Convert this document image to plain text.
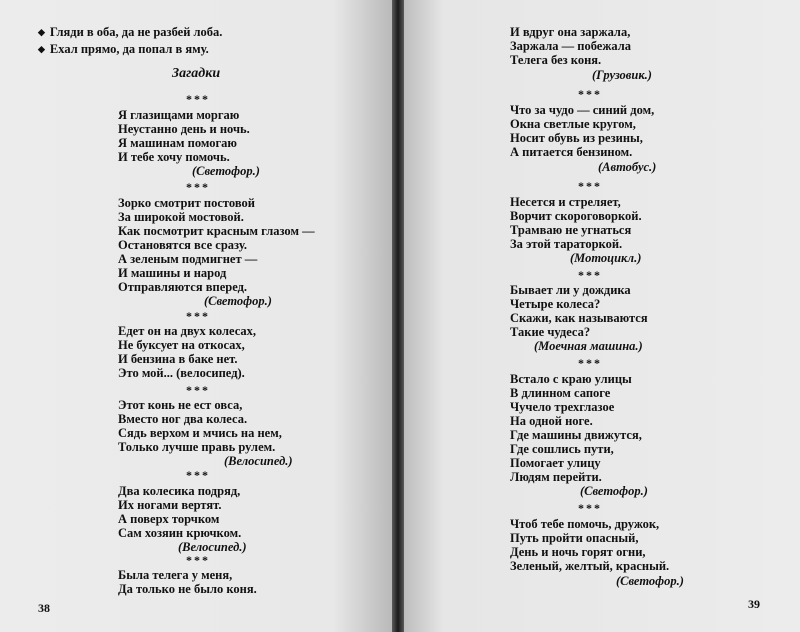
◆ Гляди в оба, да не разбей лоба.
◆ Ехал прямо, да попал в яму.
Загадки
***
Я глазищами моргаю
Неустанно день и ночь.
Я машинам помогаю
И тебе хочу помочь.
(Светофор.)
***
Зорко смотрит постовой
За широкой мостовой.
Как посмотрит красным глазом —
Остановятся все сразу.
А зеленым подмигнет —
И машины и народ
Отправляются вперед.
(Светофор.)
***
Едет он на двух колесах,
Не буксует на откосах,
И бензина в баке нет.
Это мой... (велосипед).
***
Этот конь не ест овса,
Вместо ног два колеса.
Сядь верхом и мчись на нем,
Только лучше правь рулем.
(Велосипед.)
***
Два колесика подряд,
Их ногами вертят.
А поверх торчком
Сам хозяин крючком.
(Велосипед.)
***
Была телега у меня,
Да только не было коня.
38
И вдруг она заржала,
Заржала — побежала
Телега без коня.
(Грузовик.)
***
Что за чудо — синий дом,
Окна светлые кругом,
Носит обувь из резины,
А питается бензином.
(Автобус.)
***
Несется и стреляет,
Ворчит скороговоркой.
Трамваю не угнаться
За этой тараторкой.
(Мотоцикл.)
***
Бывает ли у дождика
Четыре колеса?
Скажи, как называются
Такие чудеса?
(Моечная машина.)
***
Встало с краю улицы
В длинном сапоге
Чучело трехглазое
На одной ноге.
Где машины движутся,
Где сошлись пути,
Помогает улицу
Людям перейти.
(Светофор.)
***
Чтоб тебе помочь, дружок,
Путь пройти опасный,
День и ночь горят огни,
Зеленый, желтый, красный.
(Светофор.)
39
